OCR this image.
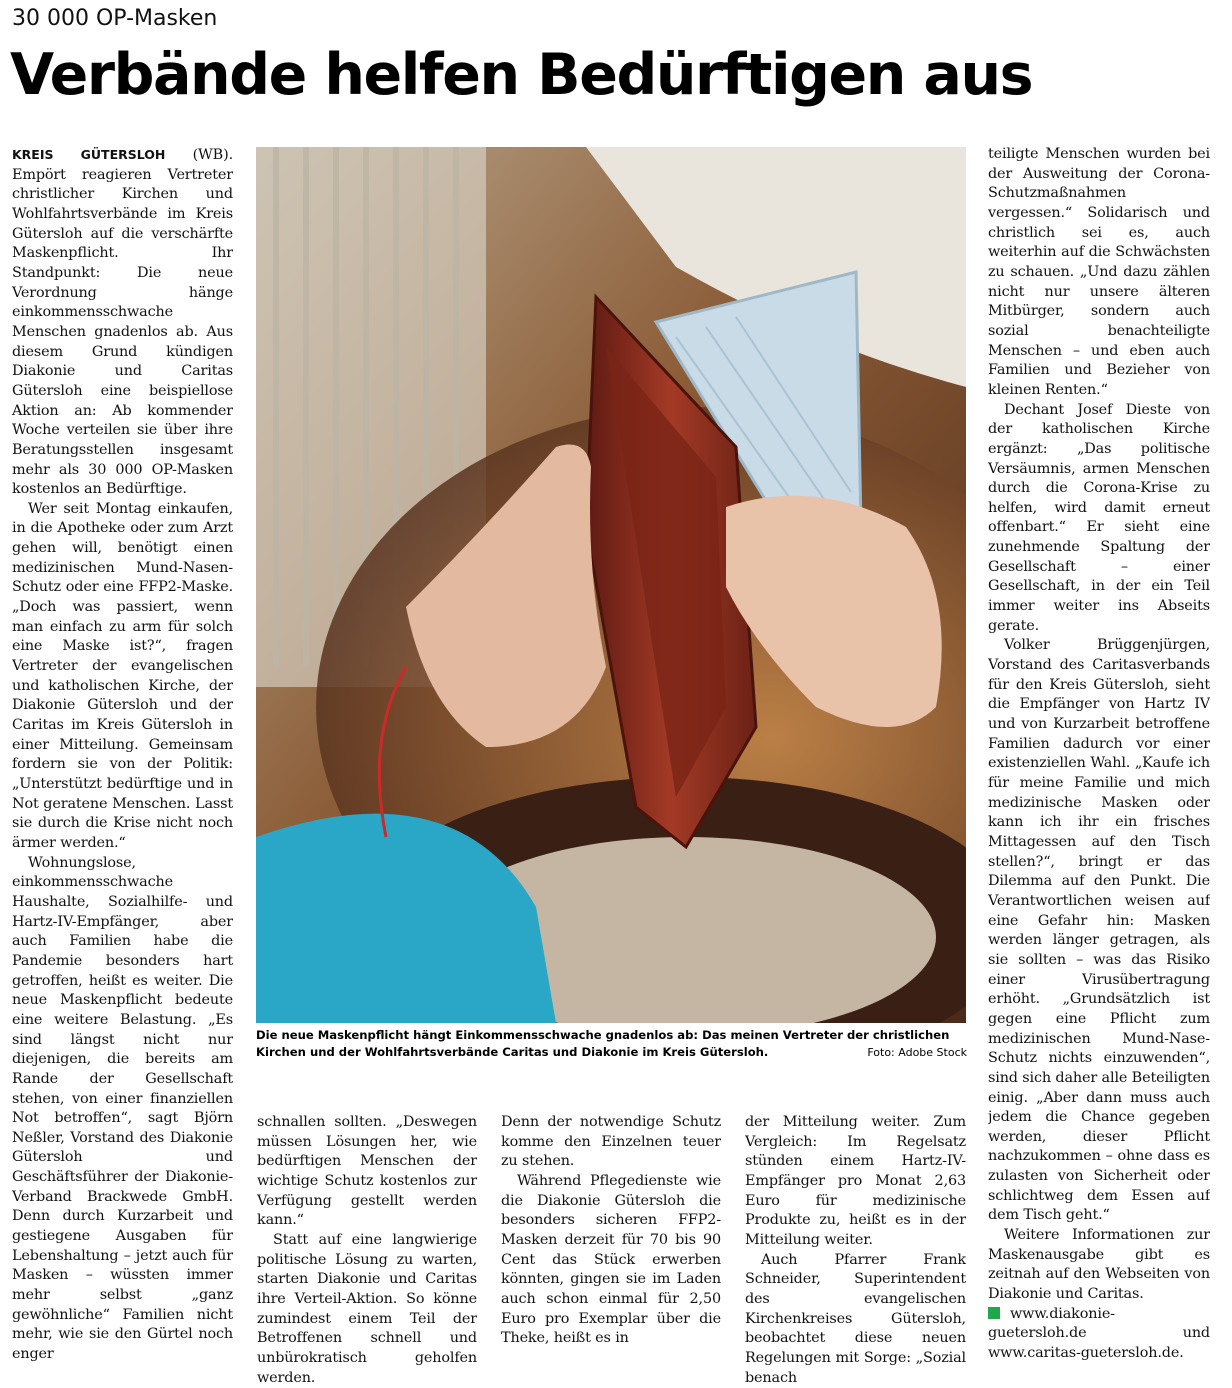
30 000 OP-Masken
Verbände helfen Bedürftigen aus

KREIS GÜTERSLOH (WB). Empört reagieren Vertreter christlicher Kirchen und Wohlfahrtsverbände im Kreis Gütersloh auf die verschärfte Maskenpflicht. Ihr Standpunkt: Die neue Verordnung hänge einkommensschwache Menschen gnadenlos ab. Aus diesem Grund kündigen Diakonie und Caritas Gütersloh eine beispiellose Aktion an: Ab kommender Woche verteilen sie über ihre Beratungsstellen insgesamt mehr als 30 000 OP-Masken kostenlos an Bedürftige.

Wer seit Montag einkaufen, in die Apotheke oder zum Arzt gehen will, benötigt einen medizinischen Mund-Nasen-Schutz oder eine FFP2-Maske. „Doch was passiert, wenn man einfach zu arm für solch eine Maske ist?“, fragen Vertreter der evangelischen und katholischen Kirche, der Diakonie Gütersloh und der Caritas im Kreis Gütersloh in einer Mitteilung. Gemeinsam fordern sie von der Politik: „Unterstützt bedürftige und in Not geratene Menschen. Lasst sie durch die Krise nicht noch ärmer werden.“

Wohnungslose, einkommensschwache Haushalte, Sozialhilfe- und Hartz-IV-Empfänger, aber auch Familien habe die Pandemie besonders hart getroffen, heißt es weiter. Die neue Maskenpflicht bedeute eine weitere Belastung. „Es sind längst nicht nur diejenigen, die bereits am Rande der Gesellschaft stehen, von einer finanziellen Not betroffen“, sagt Björn Neßler, Vorstand des Diakonie Gütersloh und Geschäftsführer der Diakonie-Verband Brackwede GmbH. Denn durch Kurzarbeit und gestiegene Ausgaben für Lebenshaltung – jetzt auch für Masken – wüssten immer mehr selbst „ganz gewöhnliche“ Familien nicht mehr, wie sie den Gürtel noch enger

Die neue Maskenpflicht hängt Einkommensschwache gnadenlos ab: Das meinen Vertreter der christlichen Kirchen und der Wohlfahrtsverbände Caritas und Diakonie im Kreis Gütersloh.	Foto: Adobe Stock

schnallen sollten. „Deswegen müssen Lösungen her, wie bedürftigen Menschen der wichtige Schutz kostenlos zur Verfügung gestellt werden kann.“

Statt auf eine langwierige politische Lösung zu warten, starten Diakonie und Caritas ihre Verteil-Aktion. So könne zumindest einem Teil der Betroffenen schnell und unbürokratisch geholfen werden.

Denn der notwendige Schutz komme den Einzelnen teuer zu stehen.

Während Pflegedienste wie die Diakonie Gütersloh die besonders sicheren FFP2-Masken derzeit für 70 bis 90 Cent das Stück erwerben könnten, gingen sie im Laden auch schon einmal für 2,50 Euro pro Exemplar über die Theke, heißt es in

der Mitteilung weiter. Zum Vergleich: Im Regelsatz stünden einem Hartz-IV-Empfänger pro Monat 2,63 Euro für medizinische Produkte zu, heißt es in der Mitteilung weiter.

Auch Pfarrer Frank Schneider, Superintendent des evangelischen Kirchenkreises Gütersloh, beobachtet diese neuen Regelungen mit Sorge: „Sozial benach

teiligte Menschen wurden bei der Ausweitung der Corona-Schutzmaßnahmen vergessen.“ Solidarisch und christlich sei es, auch weiterhin auf die Schwächsten zu schauen. „Und dazu zählen nicht nur unsere älteren Mitbürger, sondern auch sozial benachteiligte Menschen – und eben auch Familien und Bezieher von kleinen Renten.“

Dechant Josef Dieste von der katholischen Kirche ergänzt: „Das politische Versäumnis, armen Menschen durch die Corona-Krise zu helfen, wird damit erneut offenbart.“ Er sieht eine zunehmende Spaltung der Gesellschaft – einer Gesellschaft, in der ein Teil immer weiter ins Abseits gerate.

Volker Brüggenjürgen, Vorstand des Caritasverbands für den Kreis Gütersloh, sieht die Empfänger von Hartz IV und von Kurzarbeit betroffene Familien dadurch vor einer existenziellen Wahl. „Kaufe ich für meine Familie und mich medizinische Masken oder kann ich ihr ein frisches Mittagessen auf den Tisch stellen?“, bringt er das Dilemma auf den Punkt. Die Verantwortlichen weisen auf eine Gefahr hin: Masken werden länger getragen, als sie sollten – was das Risiko einer Virusübertragung erhöht. „Grundsätzlich ist gegen eine Pflicht zum medizinischen Mund-Nase-Schutz nichts einzuwenden“, sind sich daher alle Beteiligten einig. „Aber dann muss auch jedem die Chance gegeben werden, dieser Pflicht nachzukommen – ohne dass es zulasten von Sicherheit oder schlichtweg dem Essen auf dem Tisch geht.“

Weitere Informationen zur Maskenausgabe gibt es zeitnah auf den Webseiten von Diakonie und Caritas.

www.diakonie-guetersloh.de und www.caritas-guetersloh.de.
